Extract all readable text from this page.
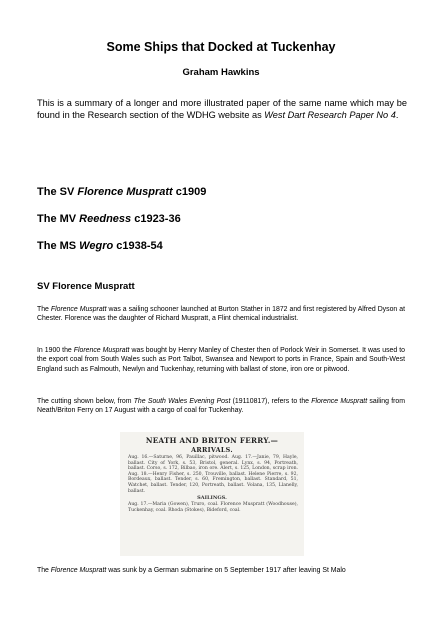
Some Ships that Docked at Tuckenhay
Graham Hawkins

This is a summary of a longer and more illustrated paper of the same name which may be found in the Research section of the WDHG website as West Dart Research Paper No 4.

The SV Florence Muspratt c1909

The MV Reedness c1923-36

The MS Wegro c1938-54

SV Florence Muspratt

The Florence Muspratt was a sailing schooner launched at Burton Stather in 1872 and first registered by Alfred Dyson at Chester. Florence was the daughter of Richard Muspratt, a Flint chemical industrialist.

In 1900 the Florence Muspratt was bought by Henry Manley of Chester then of Porlock Weir in Somerset. It was used to the export coal from South Wales such as Port Talbot, Swansea and Newport to ports in France, Spain and South-West England such as Falmouth, Newlyn and Tuckenhay, returning with ballast of stone, iron ore or pitwood.

The cutting shown below, from The South Wales Evening Post (19110817), refers to the Florence Muspratt sailing from Neath/Briton Ferry on 17 August with a cargo of coal for Tuckenhay.

NEATH AND BRITON FERRY.—
ARRIVALS.
Aug. 16.—Saturne, 96, Pauillac, pitwood. Aug. 17.—Janie, 79, Hayle, ballast. City of York, s. 53, Bristol, general. Lynx, s. 94, Portreath, ballast. Corso, s. 172, Bilbao, iron ore. Alert, s. 125, London, scrap iron. Aug. 18.—Henry Fisher, s. 250, Trouville, ballast. Helene Pierre, s. 92, Bordeaux, ballast. Tender, s. 60, Fremington, ballast. Standard, 51, Watchet, ballast. Tender, 120, Portreath, ballast. Volana, 135, Llanelly, ballast.
SAILINGS.
Aug. 17.—Maria (Gowen), Truro, coal. Florence Muspratt (Woodhouse), Tuckenhay, coal. Rhoda (Stokes), Bideford, coal.

The Florence Muspratt was sunk by a German submarine on 5 September 1917 after leaving St Malo
